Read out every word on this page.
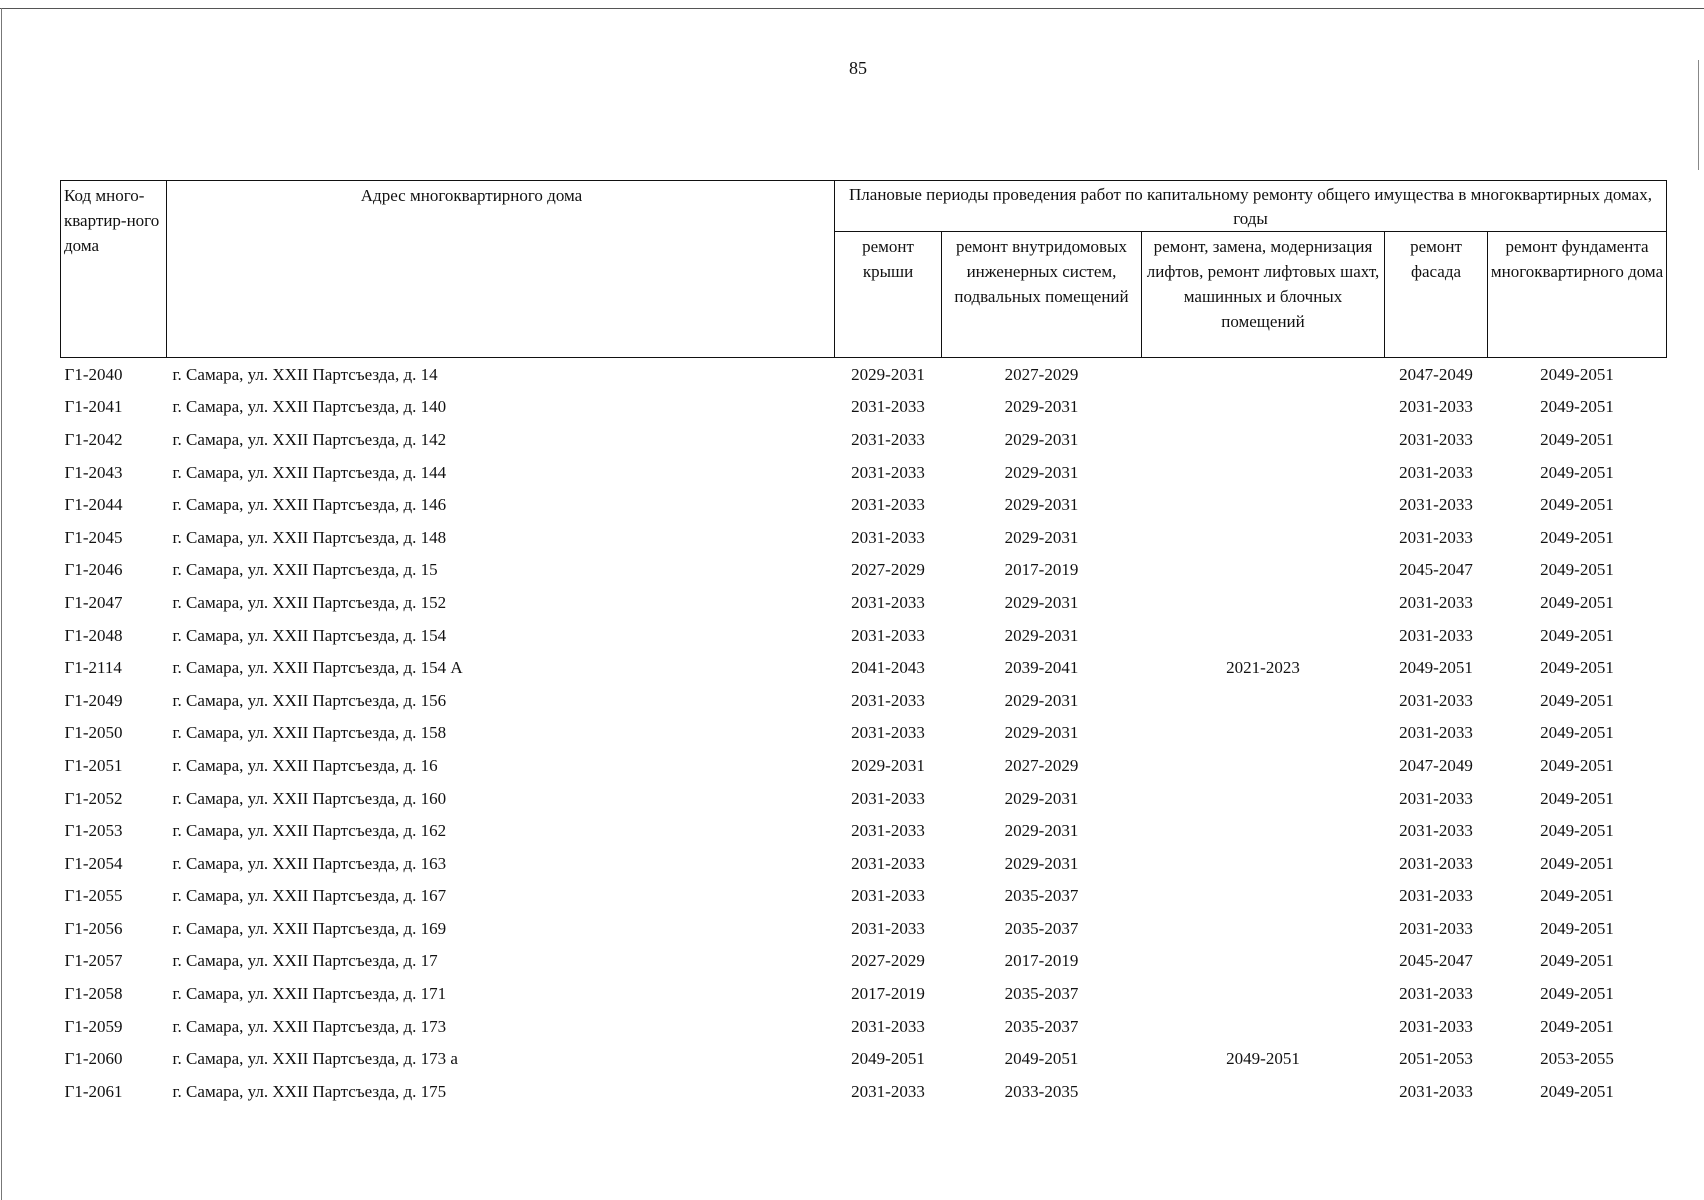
85
Код много-квартир-ного дома	Адрес многоквартирного дома	Плановые периоды проведения работ по капитальному ремонту общего имущества в многоквартирных домах, годы				
		ремонт крыши	ремонт внутридомовых инженерных систем, подвальных помещений	ремонт, замена, модернизация лифтов, ремонт лифтовых шахт, машинных и блочных помещений	ремонт фасада	ремонт фундамента многоквартирного дома
Г1-2040	г. Самара, ул. XXII Партсъезда, д. 14	2029-2031	2027-2029		2047-2049	2049-2051
Г1-2041	г. Самара, ул. XXII Партсъезда, д. 140	2031-2033	2029-2031		2031-2033	2049-2051
Г1-2042	г. Самара, ул. XXII Партсъезда, д. 142	2031-2033	2029-2031		2031-2033	2049-2051
Г1-2043	г. Самара, ул. XXII Партсъезда, д. 144	2031-2033	2029-2031		2031-2033	2049-2051
Г1-2044	г. Самара, ул. XXII Партсъезда, д. 146	2031-2033	2029-2031		2031-2033	2049-2051
Г1-2045	г. Самара, ул. XXII Партсъезда, д. 148	2031-2033	2029-2031		2031-2033	2049-2051
Г1-2046	г. Самара, ул. XXII Партсъезда, д. 15	2027-2029	2017-2019		2045-2047	2049-2051
Г1-2047	г. Самара, ул. XXII Партсъезда, д. 152	2031-2033	2029-2031		2031-2033	2049-2051
Г1-2048	г. Самара, ул. XXII Партсъезда, д. 154	2031-2033	2029-2031		2031-2033	2049-2051
Г1-2114	г. Самара, ул. XXII Партсъезда, д. 154 А	2041-2043	2039-2041	2021-2023	2049-2051	2049-2051
Г1-2049	г. Самара, ул. XXII Партсъезда, д. 156	2031-2033	2029-2031		2031-2033	2049-2051
Г1-2050	г. Самара, ул. XXII Партсъезда, д. 158	2031-2033	2029-2031		2031-2033	2049-2051
Г1-2051	г. Самара, ул. XXII Партсъезда, д. 16	2029-2031	2027-2029		2047-2049	2049-2051
Г1-2052	г. Самара, ул. XXII Партсъезда, д. 160	2031-2033	2029-2031		2031-2033	2049-2051
Г1-2053	г. Самара, ул. XXII Партсъезда, д. 162	2031-2033	2029-2031		2031-2033	2049-2051
Г1-2054	г. Самара, ул. XXII Партсъезда, д. 163	2031-2033	2029-2031		2031-2033	2049-2051
Г1-2055	г. Самара, ул. XXII Партсъезда, д. 167	2031-2033	2035-2037		2031-2033	2049-2051
Г1-2056	г. Самара, ул. XXII Партсъезда, д. 169	2031-2033	2035-2037		2031-2033	2049-2051
Г1-2057	г. Самара, ул. XXII Партсъезда, д. 17	2027-2029	2017-2019		2045-2047	2049-2051
Г1-2058	г. Самара, ул. XXII Партсъезда, д. 171	2017-2019	2035-2037		2031-2033	2049-2051
Г1-2059	г. Самара, ул. XXII Партсъезда, д. 173	2031-2033	2035-2037		2031-2033	2049-2051
Г1-2060	г. Самара, ул. XXII Партсъезда, д. 173 а	2049-2051	2049-2051	2049-2051	2051-2053	2053-2055
Г1-2061	г. Самара, ул. XXII Партсъезда, д. 175	2031-2033	2033-2035		2031-2033	2049-2051
